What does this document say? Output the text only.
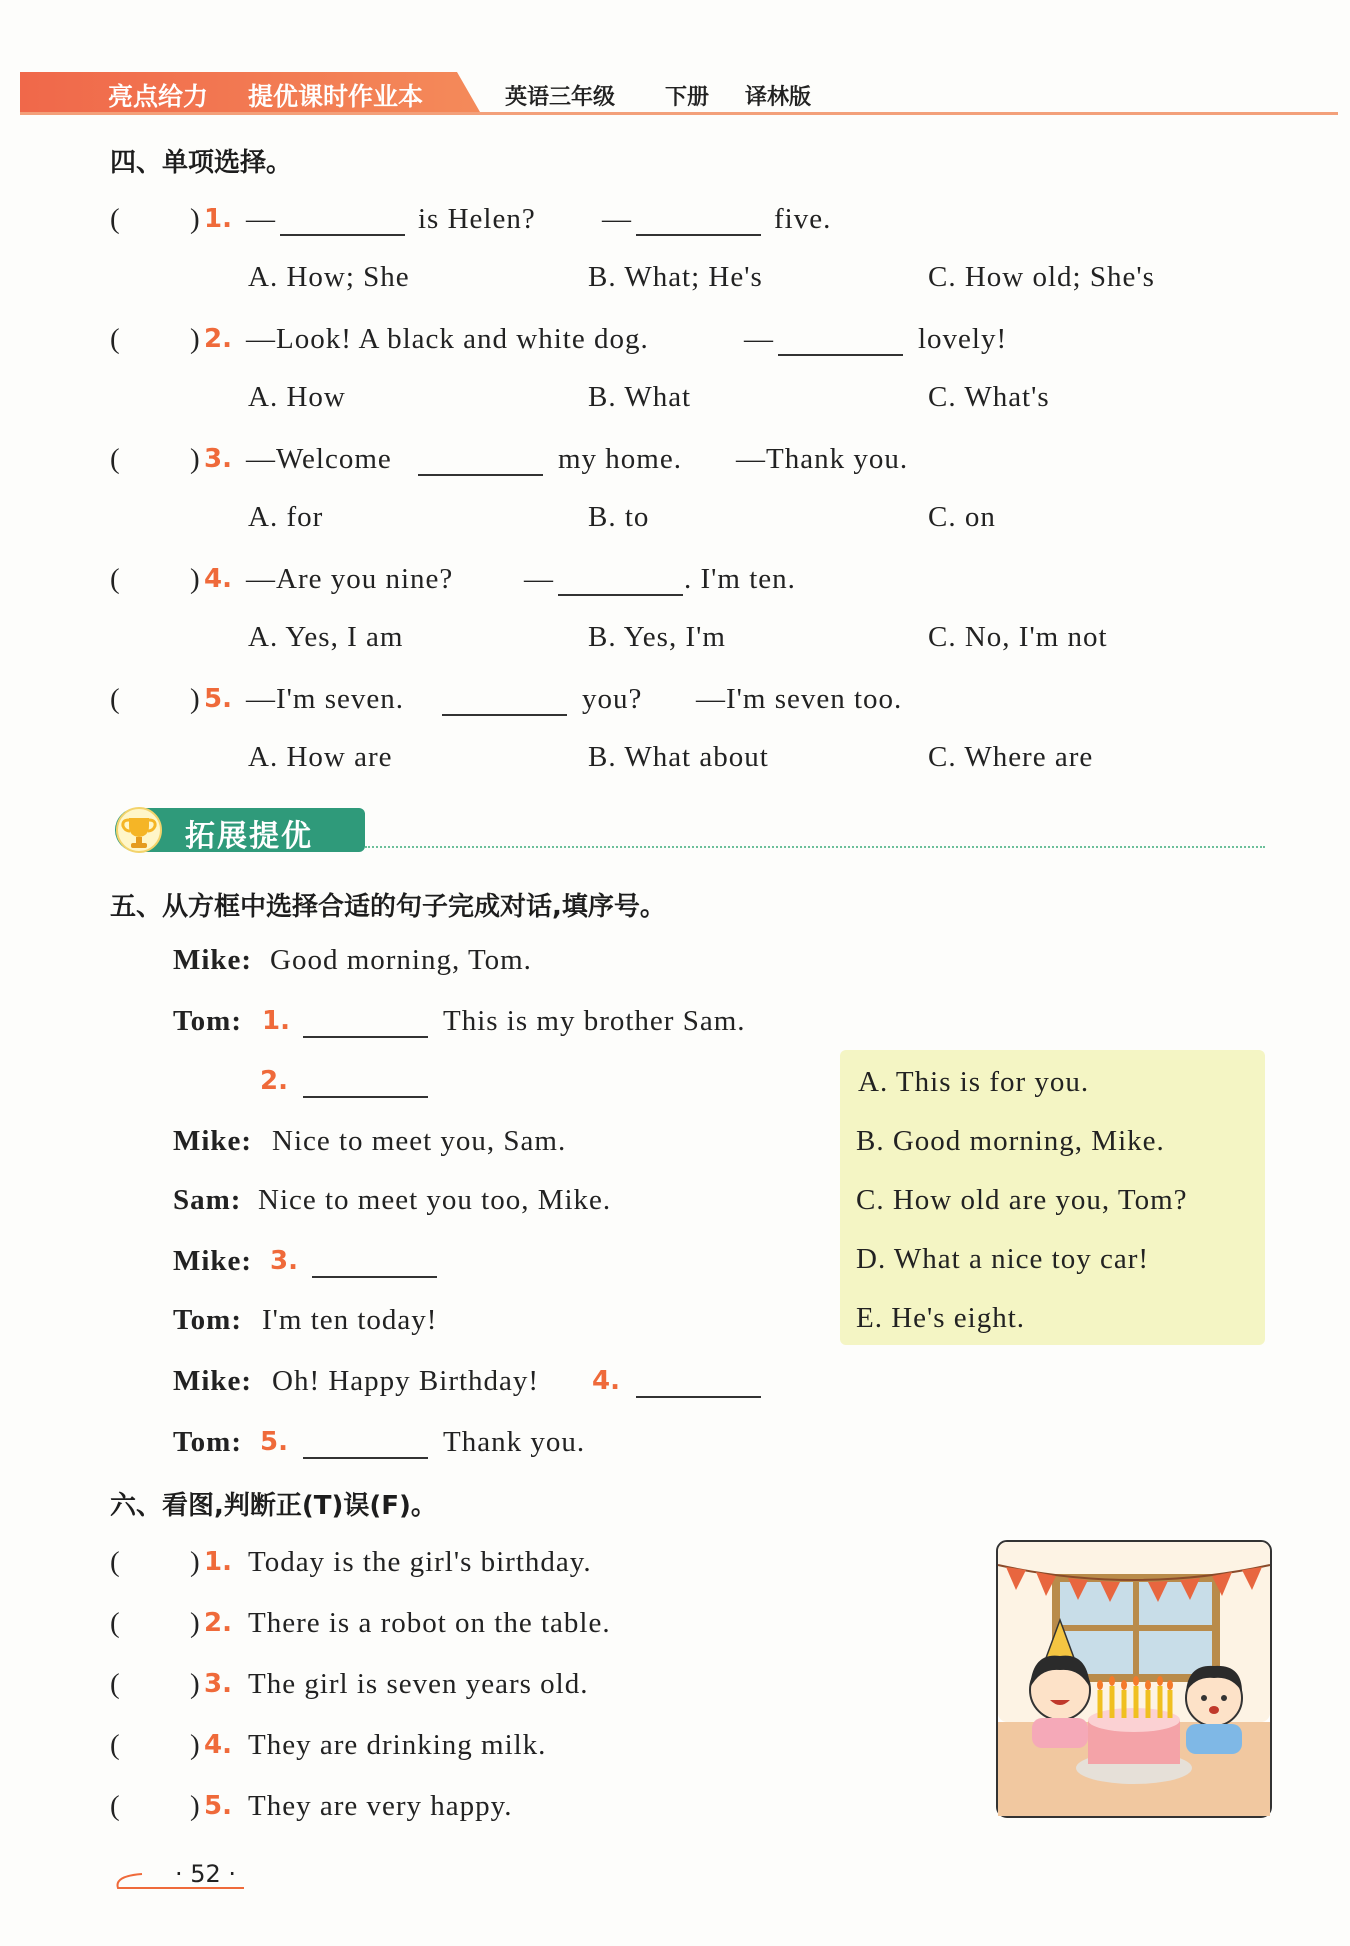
亮点给力 提优课时作业本	英语三年级 下册 译林版
四、单项选择。
( ) 1. —	is Helen? —	five.
A. How; She	B. What; He's	C. How old; She's
( ) 2. —Look! A black and white dog.	—	lovely!
A. How	B. What	C. What's
( ) 3. —Welcome	my home. —Thank you.
A. for	B. to	C. on
( ) 4. —Are you nine? —	. I'm ten.
A. Yes, I am	B. Yes, I'm	C. No, I'm not
( ) 5. —I'm seven.	you? —I'm seven too.
A. How are	B. What about	C. Where are
拓展提优
五、从方框中选择合适的句子完成对话,填序号。
Mike: Good morning, Tom.
Tom: 1.	This is my brother Sam.
2.
Mike: Nice to meet you, Sam.
Sam: Nice to meet you too, Mike.
Mike: 3.
Tom: I'm ten today!
Mike: Oh! Happy Birthday! 4.
Tom: 5.	Thank you.
A. This is for you.
B. Good morning, Mike.
C. How old are you, Tom?
D. What a nice toy car!
E. He's eight.
六、看图,判断正(T)误(F)。
( ) 1. Today is the girl's birthday.
( ) 2. There is a robot on the table.
( ) 3. The girl is seven years old.
( ) 4. They are drinking milk.
( ) 5. They are very happy.
· 52 ·
